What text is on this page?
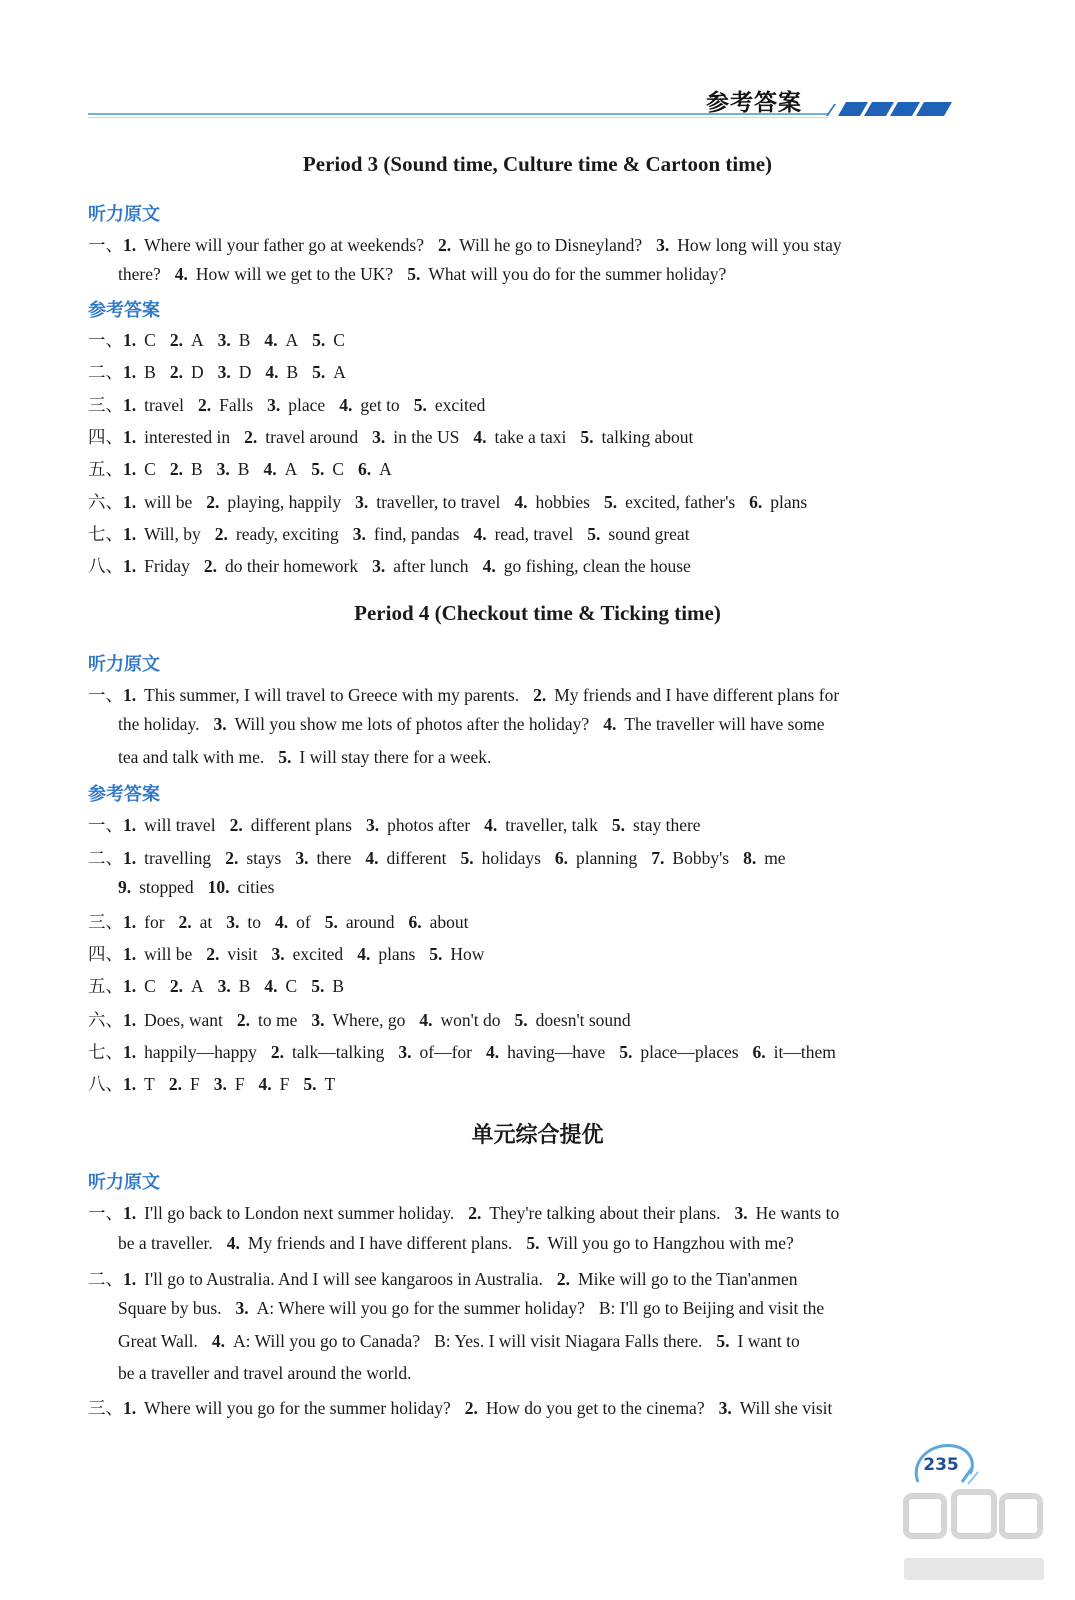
参考答案

Period 3 (Sound time, Culture time & Cartoon time)

听力原文
一、1. Where will your father go at weekends? 2. Will he go to Disneyland? 3. How long will you stay
there? 4. How will we get to the UK? 5. What will you do for the summer holiday?
参考答案
一、1. C 2. A 3. B 4. A 5. C
二、1. B 2. D 3. D 4. B 5. A
三、1. travel 2. Falls 3. place 4. get to 5. excited
四、1. interested in 2. travel around 3. in the US 4. take a taxi 5. talking about
五、1. C 2. B 3. B 4. A 5. C 6. A
六、1. will be 2. playing, happily 3. traveller, to travel 4. hobbies 5. excited, father's 6. plans
七、1. Will, by 2. ready, exciting 3. find, pandas 4. read, travel 5. sound great
八、1. Friday 2. do their homework 3. after lunch 4. go fishing, clean the house

Period 4 (Checkout time & Ticking time)

听力原文
一、1. This summer, I will travel to Greece with my parents. 2. My friends and I have different plans for
the holiday. 3. Will you show me lots of photos after the holiday? 4. The traveller will have some
tea and talk with me. 5. I will stay there for a week.
参考答案
一、1. will travel 2. different plans 3. photos after 4. traveller, talk 5. stay there
二、1. travelling 2. stays 3. there 4. different 5. holidays 6. planning 7. Bobby's 8. me
9. stopped 10. cities
三、1. for 2. at 3. to 4. of 5. around 6. about
四、1. will be 2. visit 3. excited 4. plans 5. How
五、1. C 2. A 3. B 4. C 5. B
六、1. Does, want 2. to me 3. Where, go 4. won't do 5. doesn't sound
七、1. happily—happy 2. talk—talking 3. of—for 4. having—have 5. place—places 6. it—them
八、1. T 2. F 3. F 4. F 5. T

单元综合提优

听力原文
一、1. I'll go back to London next summer holiday. 2. They're talking about their plans. 3. He wants to
be a traveller. 4. My friends and I have different plans. 5. Will you go to Hangzhou with me?
二、1. I'll go to Australia. And I will see kangaroos in Australia. 2. Mike will go to the Tian'anmen
Square by bus. 3. A: Where will you go for the summer holiday? B: I'll go to Beijing and visit the
Great Wall. 4. A: Will you go to Canada? B: Yes. I will visit Niagara Falls there. 5. I want to
be a traveller and travel around the world.
三、1. Where will you go for the summer holiday? 2. How do you get to the cinema? 3. Will she visit
235
